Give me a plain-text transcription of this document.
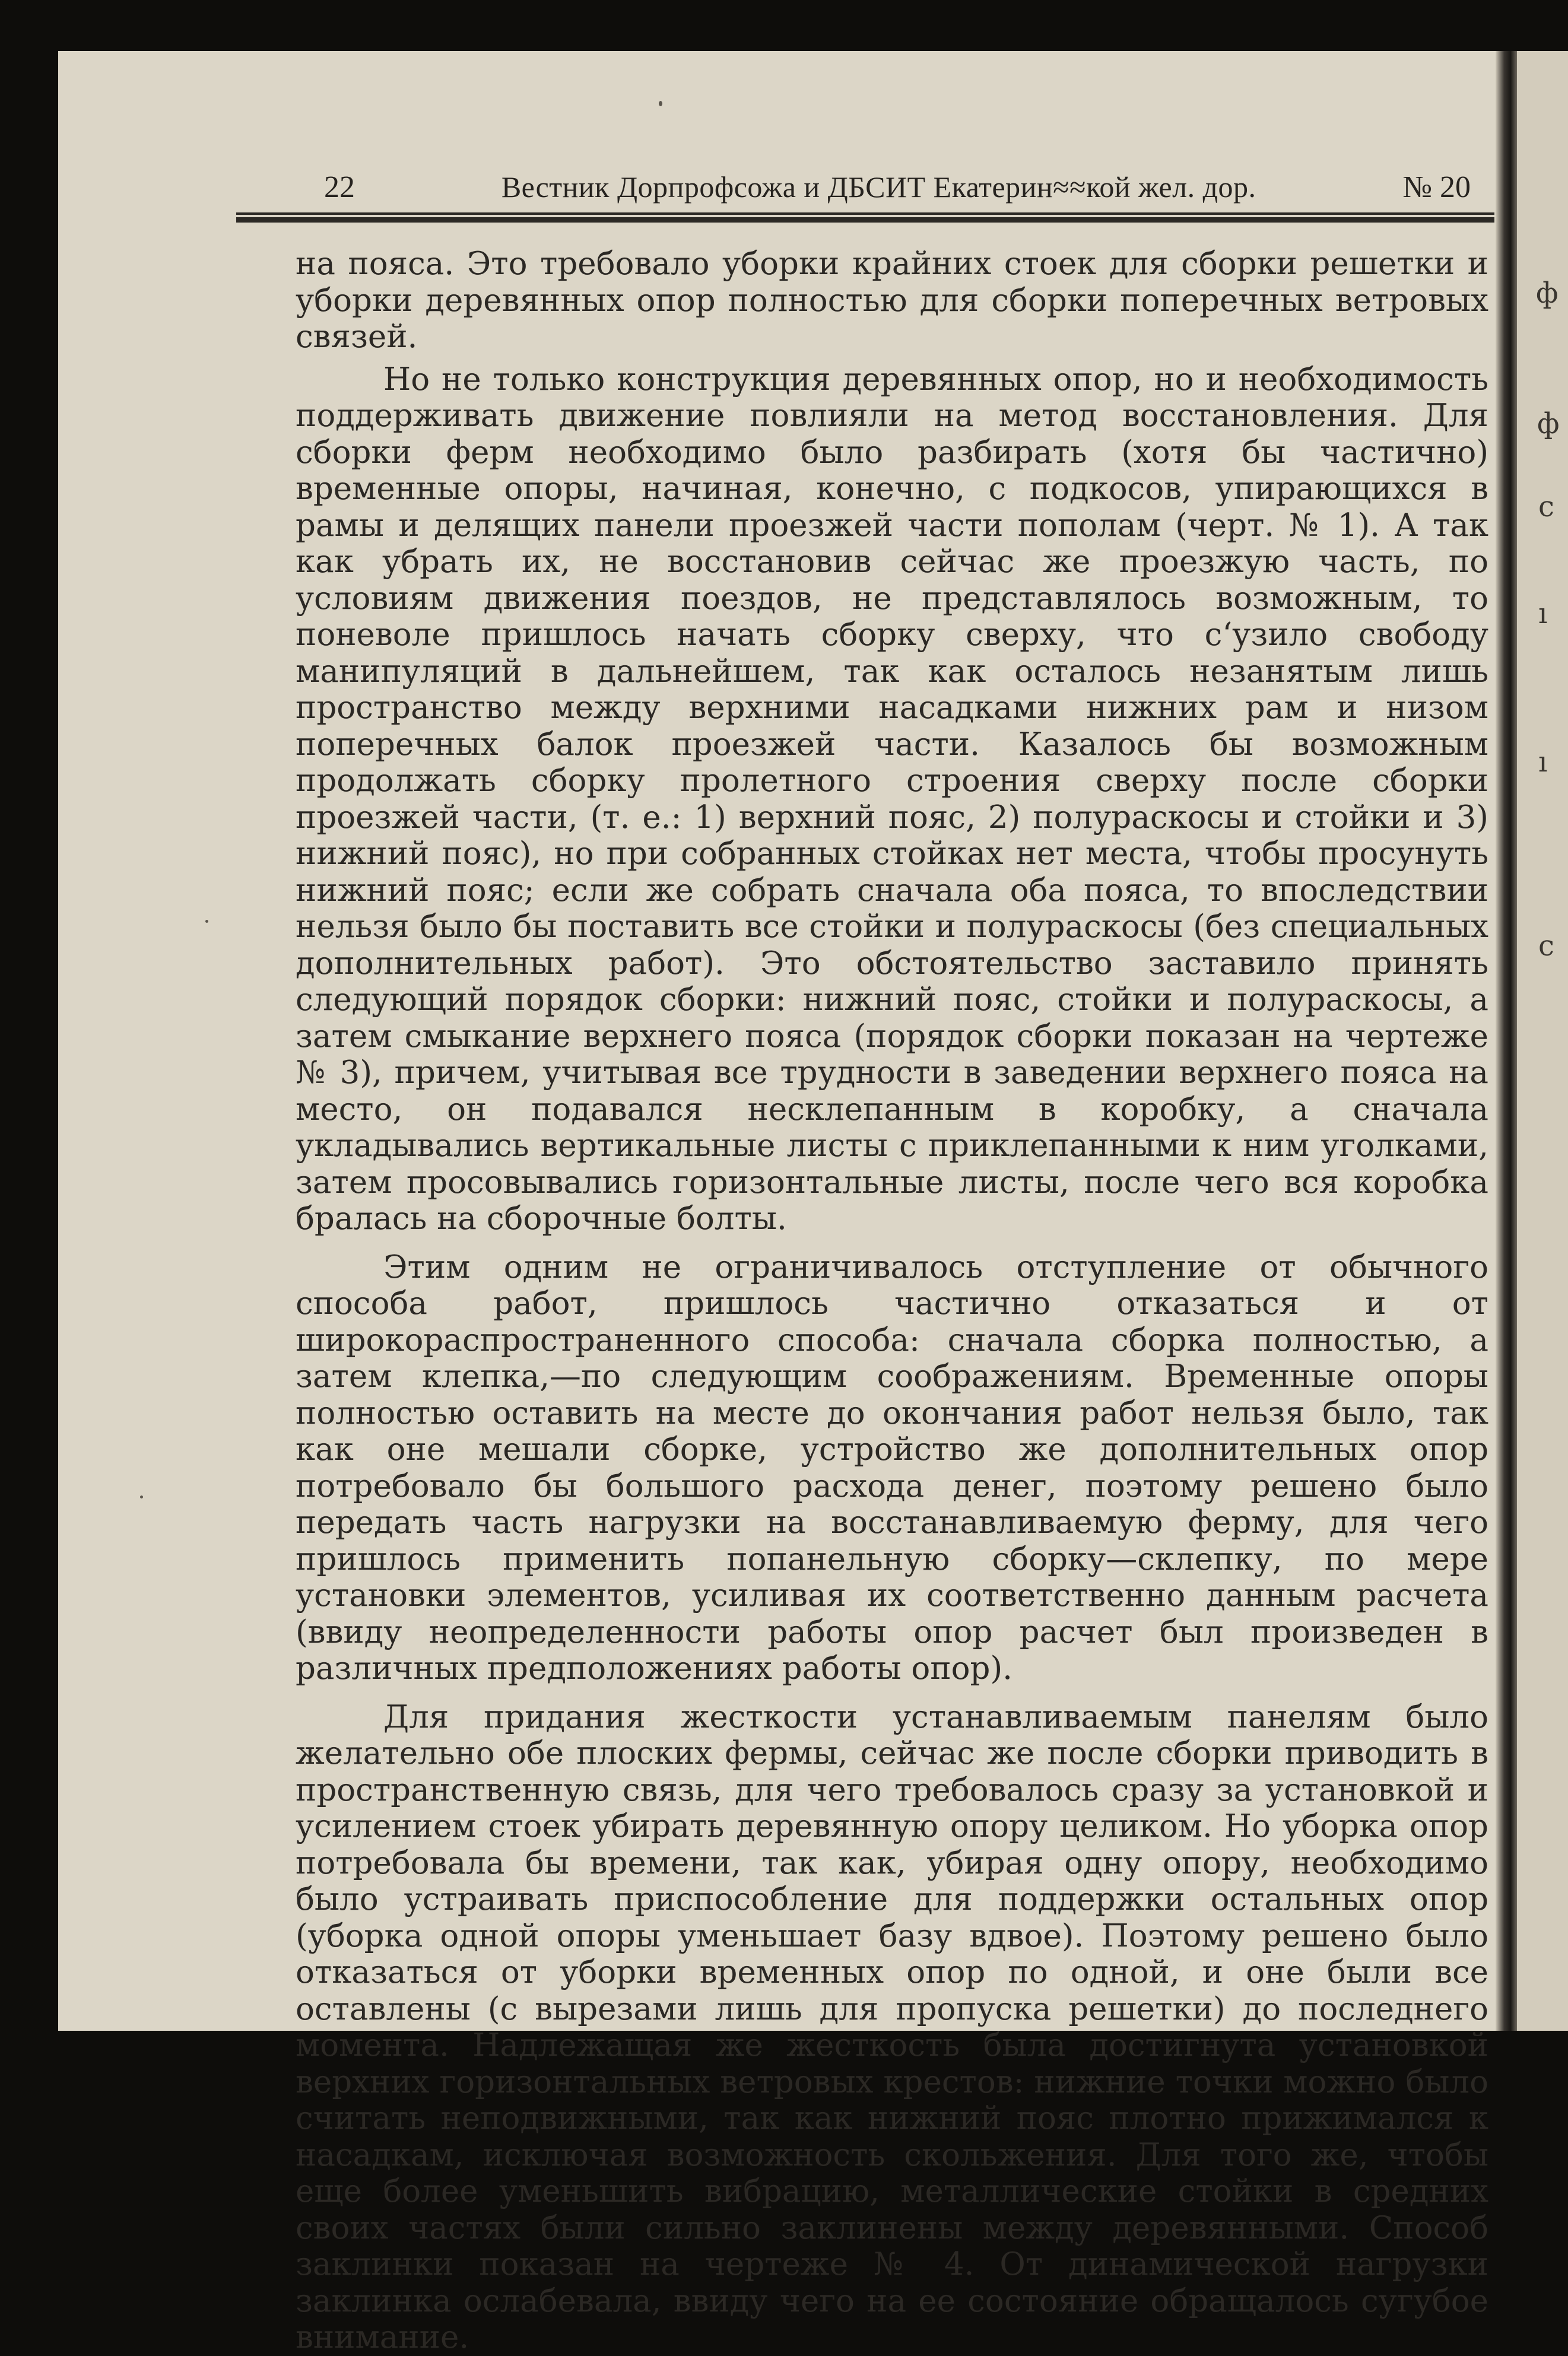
ф
ф
с
ı
ı
с
22	Вестник Дорпрофсожа и ДБСИТ Екатерин≈≈кой жел. дор.	№ 20

на пояса. Это требовало уборки крайних стоек для сборки решетки и уборки деревянных опор полностью для сборки поперечных ветровых связей.

Но не только конструкция деревянных опор, но и необходимость поддерживать движение повлияли на метод восстановления. Для сборки ферм необходимо было разбирать (хотя бы частично) временные опоры, начиная, конечно, с подкосов, упирающихся в рамы и делящих панели проезжей части пополам (черт. № 1). А так как убрать их, не восстановив сейчас же проезжую часть, по условиям движения поездов, не представлялось возможным, то поневоле пришлось начать сборку сверху, что с‘узило свободу манипуляций в дальнейшем, так как осталось незанятым лишь пространство между верхними насадками нижних рам и низом поперечных балок проезжей части. Казалось бы возможным продолжать сборку пролетного строения сверху после сборки проезжей части, (т. е.: 1) верхний пояс, 2) полураскосы и стойки и 3) нижний пояс), но при собранных стойках нет места, чтобы просунуть нижний пояс; если же собрать сначала оба пояса, то впоследствии нельзя было бы поставить все стойки и полураскосы (без специальных дополнительных работ). Это обстоятельство заставило принять следующий порядок сборки: нижний пояс, стойки и полураскосы, а затем смыкание верхнего пояса (порядок сборки показан на чертеже № 3), причем, учитывая все трудности в заведении верхнего пояса на место, он подавался несклепанным в коробку, а сначала укладывались вертикальные листы с приклепанными к ним уголками, затем просовывались горизонтальные листы, после чего вся коробка бралась на сборочные болты.

Этим одним не ограничивалось отступление от обычного способа работ, пришлось частично отказаться и от широкораспространенного способа: сначала сборка полностью, а затем клепка,—по следующим соображениям. Временные опоры полностью оставить на месте до окончания работ нельзя было, так как оне мешали сборке, устройство же дополнительных опор потребовало бы большого расхода денег, поэтому решено было передать часть нагрузки на восстанавливаемую ферму, для чего пришлось применить попанельную сборку—склепку, по мере установки элементов, усиливая их соответственно данным расчета (ввиду неопределенности работы опор расчет был произведен в различных предположениях работы опор).

Для придания жесткости устанавливаемым панелям было желательно обе плоских фермы, сейчас же после сборки приводить в пространственную связь, для чего требовалось сразу за установкой и усилением стоек убирать деревянную опору целиком. Но уборка опор потребовала бы времени, так как, убирая одну опору, необходимо было устраивать приспособление для поддержки остальных опор (уборка одной опоры уменьшает базу вдвое). Поэтому решено было отказаться от уборки временных опор по одной, и оне были все оставлены (с вырезами лишь для пропуска решетки) до последнего момента. Надлежащая же жесткость была достигнута установкой верхних горизонтальных ветровых крестов: нижние точки можно было считать неподвижными, так как нижний пояс плотно прижимался к насадкам, исключая возможность скольжения. Для того же, чтобы еще более уменьшить вибрацию, металлические стойки в средних своих частях были сильно заклинены между деревянными. Способ заклинки показан на чертеже № 4. От динамической нагрузки заклинка ослабевала, ввиду чего на ее состояние обращалось сугубое внимание.
